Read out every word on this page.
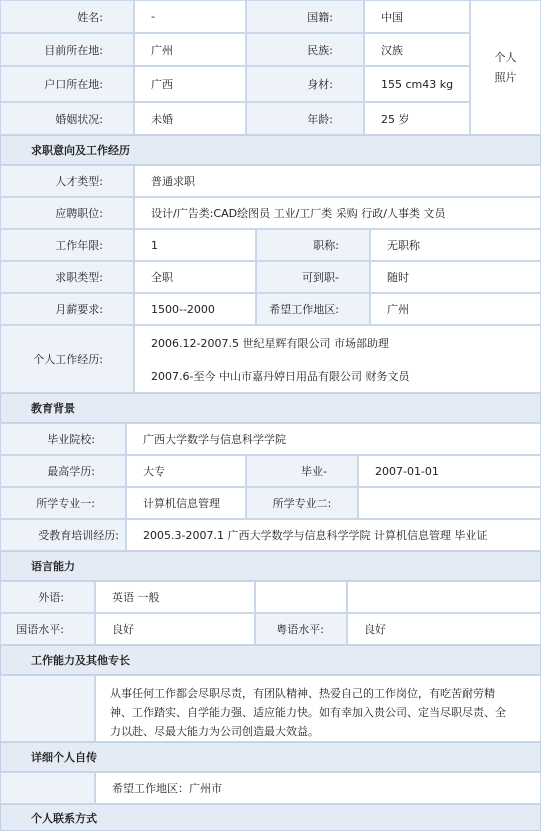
姓名:	-	国籍:	中国
目前所在地:	广州	民族:	汉族
户口所在地:	广西	身材:	155 cm43 kg
婚姻状况:	未婚	年龄:	25 岁
个人
照片
求职意向及工作经历
人才类型:	普通求职
应聘职位:	设计/广告类:CAD绘图员 工业/工厂类 采购 行政/人事类 文员
工作年限:	1	职称:	无职称
求职类型:	全职	可到职-	随时
月薪要求:	1500--2000	希望工作地区:	广州
个人工作经历:
2006.12-2007.5 世纪星辉有限公司 市场部助理
2007.6-至今 中山市嘉丹婷日用品有限公司 财务文员
教育背景
毕业院校:	广西大学数学与信息科学学院
最高学历:	大专	毕业-	2007-01-01
所学专业一:	计算机信息管理	所学专业二:
受教育培训经历:	2005.3-2007.1 广西大学数学与信息科学学院 计算机信息管理 毕业证
语言能力
外语:	英语 一般
国语水平:	良好	粤语水平:	良好
工作能力及其他专长
从事任何工作都会尽职尽责，有团队精神、热爱自己的工作岗位，有吃苦耐劳精神、工作踏实、自学能力强、适应能力快。如有幸加入贵公司、定当尽职尽责、全力以赴、尽最大能力为公司创造最大效益。
详细个人自传
希望工作地区：广州市
个人联系方式
